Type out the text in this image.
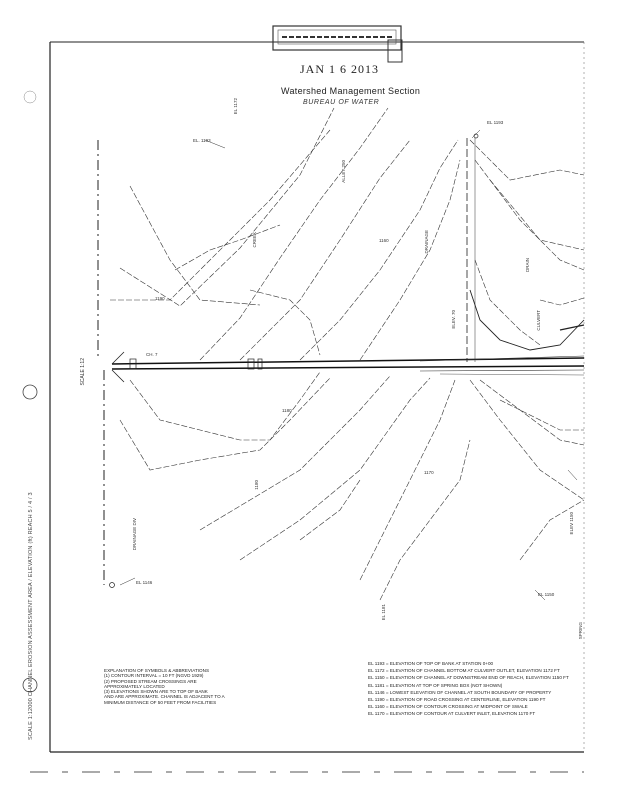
JAN 1 6 2013
Watershed Management Section
BUREAU OF WATER
SCALE 1:12000 CHANNEL EROSION ASSESSMENT AREA / ELEVATION (ft) REACH 5 / 4 / 3
SCALE 1:12
EL. 1193
EL 1172
ALLEY 250
DRAINAGE
CREEK
CH. 7
ELEV. 70	CULVERT
1190
1180
1170
1160
ELEV 1150
EL 1193
DRAIN
EL 1146
DRAINAGE DIV
EL 1150
1180
EL 1181
SPRING
EXPLANATION OF SYMBOLS & ABBREVIATIONS
(1) CONTOUR INTERVAL = 10 FT (NGVD 1929)
(2) PROPOSED STREAM CROSSINGS ARE
APPROXIMATELY LOCATED
(3) ELEVATIONS SHOWN ARE TO TOP OF BANK
AND ARE APPROXIMATE. CHANNEL IS ADJACENT TO A
MINIMUM DISTANCE OF 50 FEET FROM FACILITIES
EL 1193 = ELEVATION OF TOP OF BANK AT STATION 0+00
EL 1172 = ELEVATION OF CHANNEL BOTTOM AT CULVERT OUTLET, ELEVATION 1172 FT
EL 1150 = ELEVATION OF CHANNEL AT DOWNSTREAM END OF REACH, ELEVATION 1150 FT
EL 1181 = ELEVATION AT TOP OF SPRING BOX (NOT SHOWN)
EL 1146 = LOWEST ELEVATION OF CHANNEL AT SOUTH BOUNDARY OF PROPERTY
EL 1190 = ELEVATION OF ROAD CROSSING AT CENTERLINE, ELEVATION 1190 FT
EL 1160 = ELEVATION OF CONTOUR CROSSING AT MIDPOINT OF SWALE
EL 1170 = ELEVATION OF CONTOUR AT CULVERT INLET, ELEVATION 1170 FT
